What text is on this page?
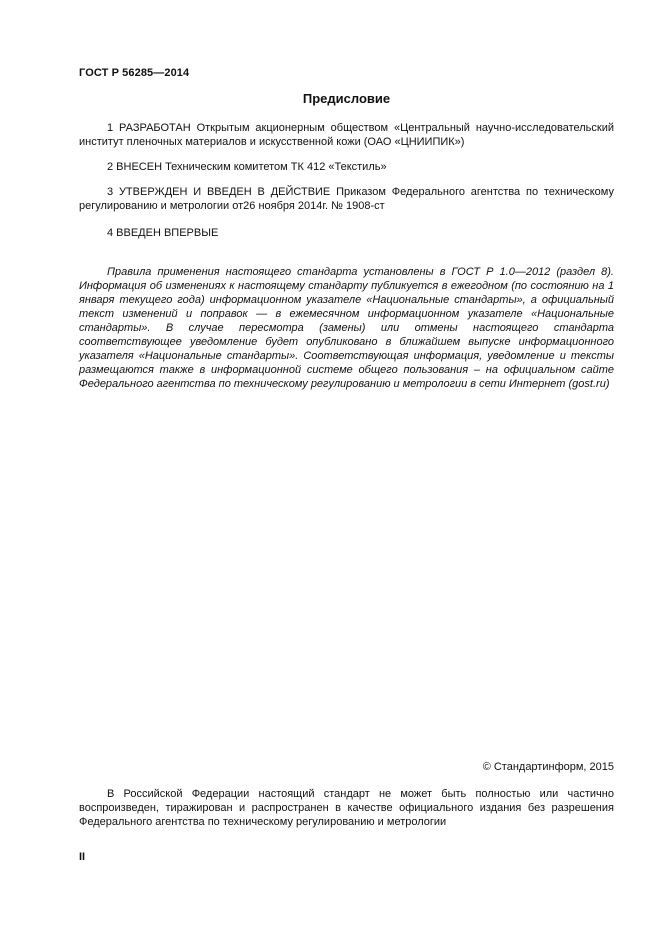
ГОСТ Р 56285—2014
Предисловие
1 РАЗРАБОТАН Открытым акционерным обществом «Центральный научно-исследовательский институт пленочных материалов и искусственной кожи (ОАО «ЦНИИПИК»)
2 ВНЕСЕН Техническим комитетом ТК 412 «Текстиль»
3 УТВЕРЖДЕН И ВВЕДЕН В ДЕЙСТВИЕ Приказом Федерального агентства по техническому регулированию и метрологии от26 ноября 2014г. № 1908-ст
4 ВВЕДЕН ВПЕРВЫЕ
Правила применения настоящего стандарта установлены в ГОСТ Р 1.0—2012 (раздел 8). Информация об изменениях к настоящему стандарту публикуется в ежегодном (по состоянию на 1 января текущего года) информационном указателе «Национальные стандарты», а официальный текст изменений и поправок — в ежемесячном информационном указателе «Национальные стандарты». В случае пересмотра (замены) или отмены настоящего стандарта соответствующее уведомление будет опубликовано в ближайшем выпуске информационного указателя «Национальные стандарты». Соответствующая информация, уведомление и тексты размещаются также в информационной системе общего пользования – на официальном сайте Федерального агентства по техническому регулированию и метрологии в сети Интернет (gost.ru)
© Стандартинформ, 2015
В Российской Федерации настоящий стандарт не может быть полностью или частично воспроизведен, тиражирован и распространен в качестве официального издания без разрешения Федерального агентства по техническому регулированию и метрологии
II
